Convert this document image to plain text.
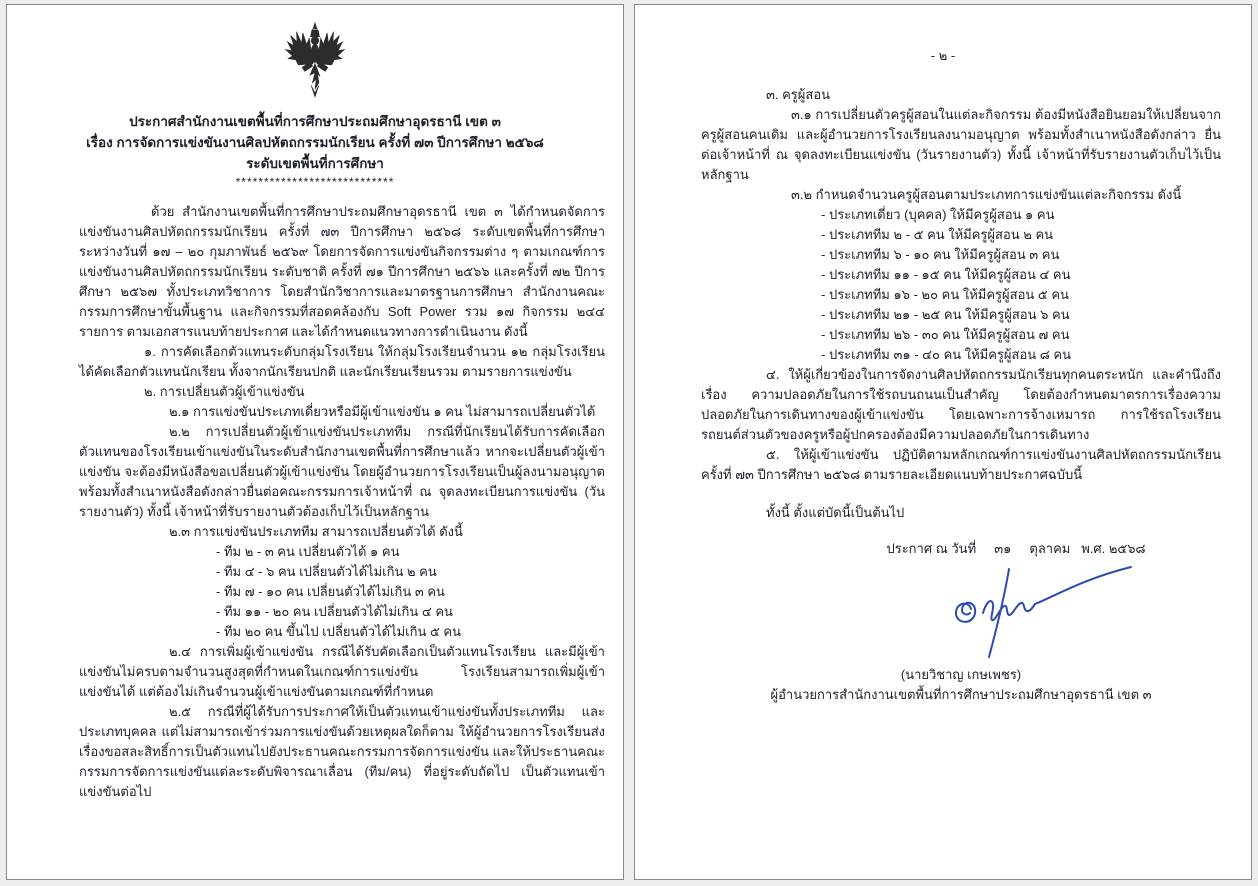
ประกาศสำนักงานเขตพื้นที่การศึกษาประถมศึกษาอุดรธานี เขต ๓
เรื่อง การจัดการแข่งขันงานศิลปหัตถกรรมนักเรียน ครั้งที่ ๗๓ ปีการศึกษา ๒๕๖๘
ระดับเขตพื้นที่การศึกษา
****************************

ด้วย สำนักงานเขตพื้นที่การศึกษาประถมศึกษาอุดรธานี เขต ๓ ได้กำหนดจัดการแข่งขันงานศิลปหัตถกรรมนักเรียน ครั้งที่ ๗๓ ปีการศึกษา ๒๕๖๘ ระดับเขตพื้นที่การศึกษา ระหว่างวันที่ ๑๗ – ๒๐ กุมภาพันธ์ ๒๕๖๙ โดยการจัดการแข่งขันกิจกรรมต่าง ๆ ตามเกณฑ์การแข่งขันงานศิลปหัตถกรรมนักเรียน ระดับชาติ ครั้งที่ ๗๑ ปีการศึกษา ๒๕๖๖ และครั้งที่ ๗๒ ปีการศึกษา ๒๕๖๗ ทั้งประเภทวิชาการ โดยสำนักวิชาการและมาตรฐานการศึกษา สำนักงานคณะกรรมการศึกษาขั้นพื้นฐาน และกิจกรรมที่สอดคล้องกับ Soft Power รวม ๑๗ กิจกรรม ๒๔๔ รายการ ตามเอกสารแนบท้ายประกาศ และได้กำหนดแนวทางการดำเนินงาน ดังนี้

๑. การคัดเลือกตัวแทนระดับกลุ่มโรงเรียน ให้กลุ่มโรงเรียนจำนวน ๑๒ กลุ่มโรงเรียน ได้คัดเลือกตัวแทนนักเรียน ทั้งจากนักเรียนปกติ และนักเรียนเรียนรวม ตามรายการแข่งขัน

๒. การเปลี่ยนตัวผู้เข้าแข่งขัน

๒.๑ การแข่งขันประเภทเดี่ยวหรือมีผู้เข้าแข่งขัน ๑ คน ไม่สามารถเปลี่ยนตัวได้

๒.๒ การเปลี่ยนตัวผู้เข้าแข่งขันประเภททีม กรณีที่นักเรียนได้รับการคัดเลือกตัวแทนของโรงเรียนเข้าแข่งขันในระดับสำนักงานเขตพื้นที่การศึกษาแล้ว หากจะเปลี่ยนตัวผู้เข้าแข่งขัน จะต้องมีหนังสือขอเปลี่ยนตัวผู้เข้าแข่งขัน โดยผู้อำนวยการโรงเรียนเป็นผู้ลงนามอนุญาต พร้อมทั้งสำเนาหนังสือดังกล่าวยื่นต่อคณะกรรมการเจ้าหน้าที่ ณ จุดลงทะเบียนการแข่งขัน (วันรายงานตัว) ทั้งนี้ เจ้าหน้าที่รับรายงานตัวต้องเก็บไว้เป็นหลักฐาน

๒.๓ การแข่งขันประเภททีม สามารถเปลี่ยนตัวได้ ดังนี้

- ทีม ๒ - ๓ คน เปลี่ยนตัวได้ ๑ คน
- ทีม ๔ - ๖ คน เปลี่ยนตัวได้ไม่เกิน ๒ คน
- ทีม ๗ - ๑๐ คน เปลี่ยนตัวได้ไม่เกิน ๓ คน
- ทีม ๑๑ - ๒๐ คน เปลี่ยนตัวได้ไม่เกิน ๔ คน
- ทีม ๒๐ คน ขึ้นไป เปลี่ยนตัวได้ไม่เกิน ๕ คน

๒.๔ การเพิ่มผู้เข้าแข่งขัน กรณีได้รับคัดเลือกเป็นตัวแทนโรงเรียน และมีผู้เข้าแข่งขันไม่ครบตามจำนวนสูงสุดที่กำหนดในเกณฑ์การแข่งขัน โรงเรียนสามารถเพิ่มผู้เข้าแข่งขันได้ แต่ต้องไม่เกินจำนวนผู้เข้าแข่งขันตามเกณฑ์ที่กำหนด

๒.๕ กรณีที่ผู้ได้รับการประกาศให้เป็นตัวแทนเข้าแข่งขันทั้งประเภททีม และประเภทบุคคล แต่ไม่สามารถเข้าร่วมการแข่งขันด้วยเหตุผลใดก็ตาม ให้ผู้อำนวยการโรงเรียนส่งเรื่องขอสละสิทธิ์การเป็นตัวแทนไปยังประธานคณะกรรมการจัดการแข่งขัน และให้ประธานคณะกรรมการจัดการแข่งขันแต่ละระดับพิจารณาเลื่อน (ทีม/คน) ที่อยู่ระดับถัดไป เป็นตัวแทนเข้าแข่งขันต่อไป

- ๒ -

๓. ครูผู้สอน

๓.๑ การเปลี่ยนตัวครูผู้สอนในแต่ละกิจกรรม ต้องมีหนังสือยินยอมให้เปลี่ยนจากครูผู้สอนคนเดิม และผู้อำนวยการโรงเรียนลงนามอนุญาต พร้อมทั้งสำเนาหนังสือดังกล่าว ยื่นต่อเจ้าหน้าที่ ณ จุดลงทะเบียนแข่งขัน (วันรายงานตัว) ทั้งนี้ เจ้าหน้าที่รับรายงานตัวเก็บไว้เป็นหลักฐาน

๓.๒ กำหนดจำนวนครูผู้สอนตามประเภทการแข่งขันแต่ละกิจกรรม ดังนี้

- ประเภทเดี่ยว (บุคคล) ให้มีครูผู้สอน ๑ คน
- ประเภททีม ๒ - ๕ คน ให้มีครูผู้สอน ๒ คน
- ประเภททีม ๖ - ๑๐ คน ให้มีครูผู้สอน ๓ คน
- ประเภททีม ๑๑ - ๑๕ คน ให้มีครูผู้สอน ๔ คน
- ประเภททีม ๑๖ - ๒๐ คน ให้มีครูผู้สอน ๕ คน
- ประเภททีม ๒๑ - ๒๕ คน ให้มีครูผู้สอน ๖ คน
- ประเภททีม ๒๖ - ๓๐ คน ให้มีครูผู้สอน ๗ คน
- ประเภททีม ๓๑ - ๔๐ คน ให้มีครูผู้สอน ๘ คน

๔. ให้ผู้เกี่ยวข้องในการจัดงานศิลปหัตถกรรมนักเรียนทุกคนตระหนัก และคำนึงถึงเรื่อง ความปลอดภัยในการใช้รถบนถนนเป็นสำคัญ โดยต้องกำหนดมาตรการเรื่องความปลอดภัยในการเดินทางของผู้เข้าแข่งขัน โดยเฉพาะการจ้างเหมารถ การใช้รถโรงเรียน รถยนต์ส่วนตัวของครูหรือผู้ปกครองต้องมีความปลอดภัยในการเดินทาง

๕. ให้ผู้เข้าแข่งขัน ปฏิบัติตามหลักเกณฑ์การแข่งขันงานศิลปหัตถกรรมนักเรียน ครั้งที่ ๗๓ ปีการศึกษา ๒๕๖๘ ตามรายละเอียดแนบท้ายประกาศฉบับนี้

ทั้งนี้ ตั้งแต่บัดนี้เป็นต้นไป

ประกาศ ณ วันที่     ๓๑     ตุลาคม   พ.ศ. ๒๕๖๘

(นายวิชาญ เกษเพชร)
ผู้อำนวยการสำนักงานเขตพื้นที่การศึกษาประถมศึกษาอุดรธานี เขต ๓
